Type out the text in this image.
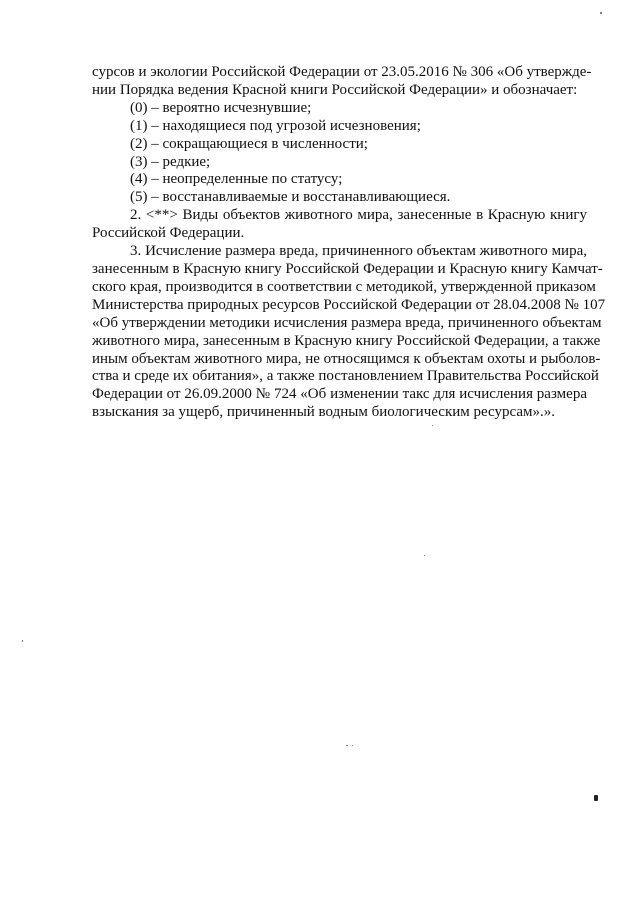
сурсов и экологии Российской Федерации от 23.05.2016 № 306 «Об утвержде-
нии Порядка ведения Красной книги Российской Федерации» и обозначает:

(0) – вероятно исчезнувшие;

(1) – находящиеся под угрозой исчезновения;

(2) – сокращающиеся в численности;

(3) – редкие;

(4) – неопределенные по статусу;

(5) – восстанавливаемые и восстанавливающиеся.

2. <**> Виды объектов животного мира, занесенные в Красную книгу

Российской Федерации.

3. Исчисление размера вреда, причиненного объектам животного мира,
занесенным в Красную книгу Российской Федерации и Красную книгу Камчат-
ского края, производится в соответствии с методикой, утвержденной приказом
Министерства природных ресурсов Российской Федерации от 28.04.2008 № 107
«Об утверждении методики исчисления размера вреда, причиненного объектам
животного мира, занесенным в Красную книгу Российской Федерации, а также
иным объектам животного мира, не относящимся к объектам охоты и рыболов-
ства и среде их обитания», а также постановлением Правительства Российской
Федерации от 26.09.2000 № 724 «Об изменении такс для исчисления размера
взыскания за ущерб, причиненный водным биологическим ресурсам».».
